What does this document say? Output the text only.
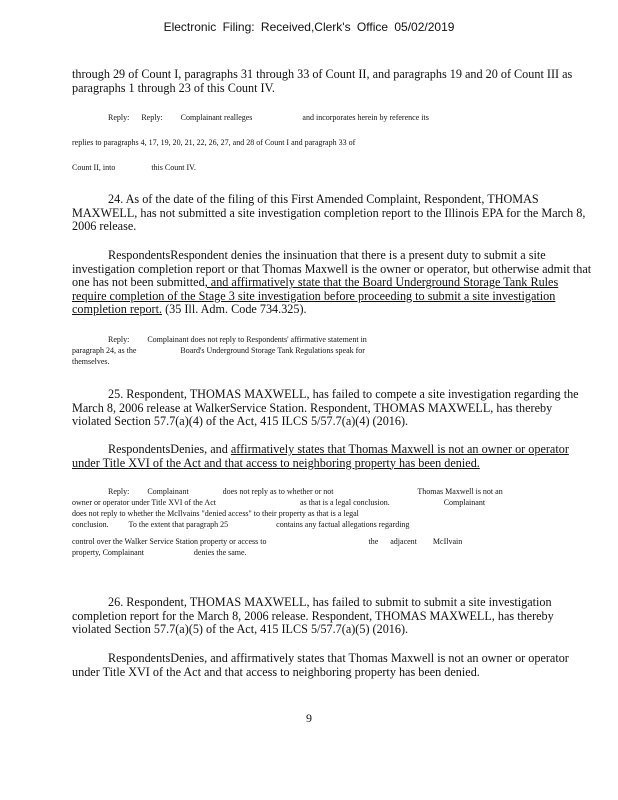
Electronic Filing: Received,Clerk's Office 05/02/2019

through 29 of Count I, paragraphs 31 through 33 of Count II, and paragraphs 19 and 20 of Count III as paragraphs 1 through 23 of this Count IV.

Reply:      Reply:         Complainant realleges                         and incorporates herein by reference its

replies to paragraphs 4, 17, 19, 20, 21, 22, 26, 27, and 28 of Count I and paragraph 33 of

Count II, into                  this Count IV.

24. As of the date of the filing of this First Amended Complaint, Respondent, THOMAS MAXWELL, has not submitted a site investigation completion report to the Illinois EPA for the March 8, 2006 release.

RespondentsRespondent denies the insinuation that there is a present duty to submit a site investigation completion report or that Thomas Maxwell is the owner or operator, but otherwise admit that one has not been submitted, and affirmatively state that the Board Underground Storage Tank Rules require completion of the Stage 3 site investigation before proceeding to submit a site investigation completion report. (35 Ill. Adm. Code 734.325).

Reply:         Complainant does not reply to Respondents' affirmative statement in

paragraph 24, as the                      Board's Underground Storage Tank Regulations speak for

themselves.

25. Respondent, THOMAS MAXWELL, has failed to compete a site investigation regarding the March 8, 2006 release at WalkerService Station. Respondent, THOMAS MAXWELL, has thereby violated Section 57.7(a)(4) of the Act, 415 ILCS 5/57.7(a)(4) (2016).

RespondentsDenies, and affirmatively states that Thomas Maxwell is not an owner or operator under Title XVI of the Act and that access to neighboring property has been denied.

Reply:         Complainant                 does not reply as to whether or not                                          Thomas Maxwell is not an

owner or operator under Title XVI of the Act                                          as that is a legal conclusion.                           Complainant

does not reply to whether the McIlvains "denied access" to their property as that is a legal

conclusion.          To the extent that paragraph 25                        contains any factual allegations regarding

control over the Walker Service Station property or access to                                                   the      adjacent        McIlvain

property, Complainant                         denies the same.

26. Respondent, THOMAS MAXWELL, has failed to submit to submit a site investigation completion report for the March 8, 2006 release. Respondent, THOMAS MAXWELL, has thereby violated Section 57.7(a)(5) of the Act, 415 ILCS 5/57.7(a)(5) (2016).

RespondentsDenies, and affirmatively states that Thomas Maxwell is not an owner or operator under Title XVI of the Act and that access to neighboring property has been denied.

9
